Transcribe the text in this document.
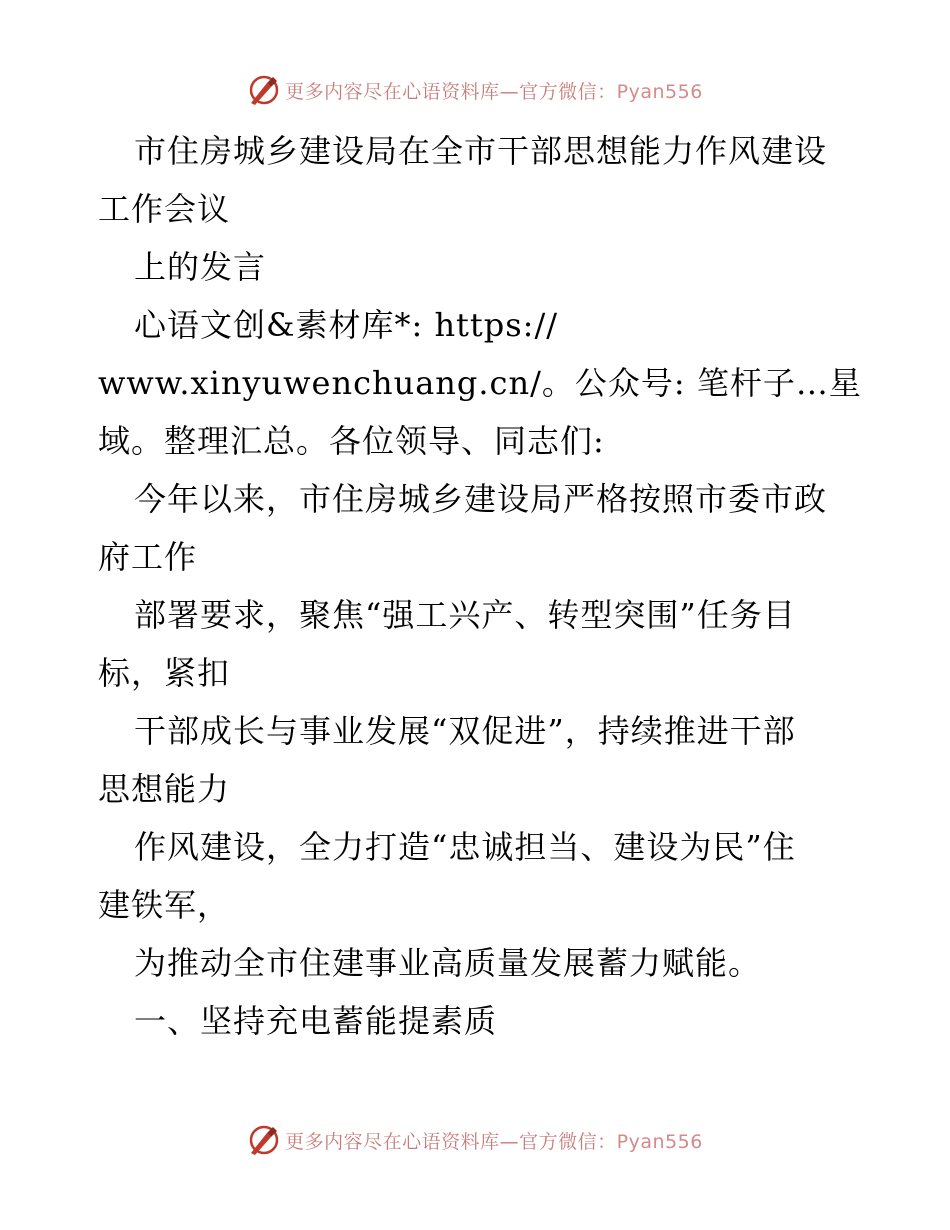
更多内容尽在心语资料库—官方微信：Pyan556
市住房城乡建设局在全市干部思想能力作风建设
工作会议
上的发言
心语文创&素材库*: https://
www.xinyuwenchuang.cn/。公众号: 笔杆子…星
域。整理汇总。各位领导、同志们:
今年以来，市住房城乡建设局严格按照市委市政
府工作
部署要求，聚焦“强工兴产、转型突围”任务目
标，紧扣
干部成长与事业发展“双促进”，持续推进干部
思想能力
作风建设，全力打造“忠诚担当、建设为民”住
建铁军，
为推动全市住建事业高质量发展蓄力赋能。
一、坚持充电蓄能提素质
更多内容尽在心语资料库—官方微信：Pyan556
